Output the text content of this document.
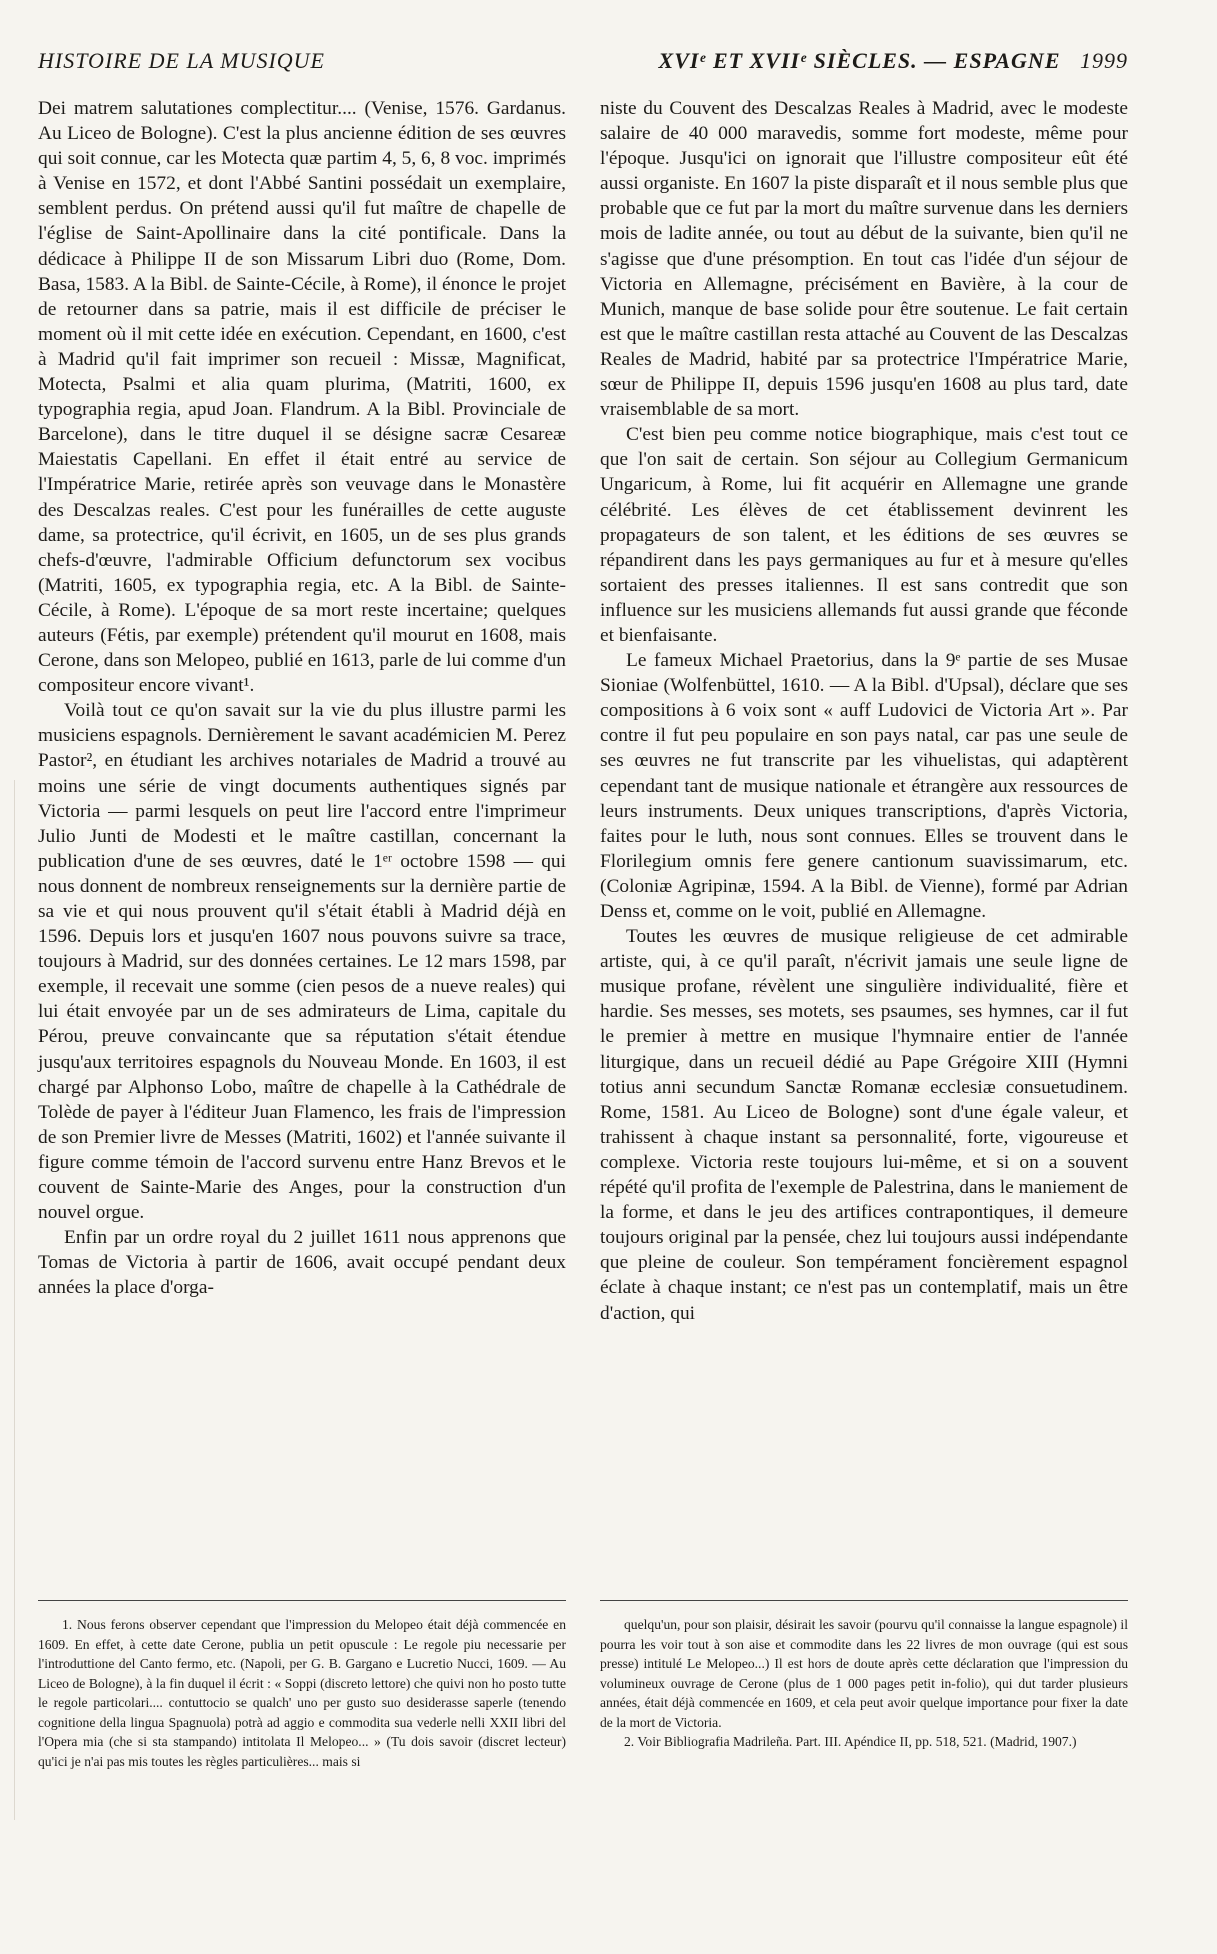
HISTOIRE DE LA MUSIQUE	XVIᵉ ET XVIIᵉ SIÈCLES. — ESPAGNE 1999

Dei matrem salutationes complectitur.... (Venise, 1576. Gardanus. Au Liceo de Bologne). C'est la plus ancienne édition de ses œuvres qui soit connue, car les Motecta quæ partim 4, 5, 6, 8 voc. imprimés à Venise en 1572, et dont l'Abbé Santini possédait un exemplaire, semblent perdus. On prétend aussi qu'il fut maître de chapelle de l'église de Saint-Apollinaire dans la cité pontificale. Dans la dédicace à Philippe II de son Missarum Libri duo (Rome, Dom. Basa, 1583. A la Bibl. de Sainte-Cécile, à Rome), il énonce le projet de retourner dans sa patrie, mais il est difficile de préciser le moment où il mit cette idée en exécution. Cependant, en 1600, c'est à Madrid qu'il fait imprimer son recueil : Missæ, Magnificat, Motecta, Psalmi et alia quam plurima, (Matriti, 1600, ex typographia regia, apud Joan. Flandrum. A la Bibl. Provinciale de Barcelone), dans le titre duquel il se désigne sacræ Cesareæ Maiestatis Capellani. En effet il était entré au service de l'Impératrice Marie, retirée après son veuvage dans le Monastère des Descalzas reales. C'est pour les funérailles de cette auguste dame, sa protectrice, qu'il écrivit, en 1605, un de ses plus grands chefs-d'œuvre, l'admirable Officium defunctorum sex vocibus (Matriti, 1605, ex typographia regia, etc. A la Bibl. de Sainte-Cécile, à Rome). L'époque de sa mort reste incertaine; quelques auteurs (Fétis, par exemple) prétendent qu'il mourut en 1608, mais Cerone, dans son Melopeo, publié en 1613, parle de lui comme d'un compositeur encore vivant¹.

Voilà tout ce qu'on savait sur la vie du plus illustre parmi les musiciens espagnols. Dernièrement le savant académicien M. Perez Pastor², en étudiant les archives notariales de Madrid a trouvé au moins une série de vingt documents authentiques signés par Victoria — parmi lesquels on peut lire l'accord entre l'imprimeur Julio Junti de Modesti et le maître castillan, concernant la publication d'une de ses œuvres, daté le 1ᵉʳ octobre 1598 — qui nous donnent de nombreux renseignements sur la dernière partie de sa vie et qui nous prouvent qu'il s'était établi à Madrid déjà en 1596. Depuis lors et jusqu'en 1607 nous pouvons suivre sa trace, toujours à Madrid, sur des données certaines. Le 12 mars 1598, par exemple, il recevait une somme (cien pesos de a nueve reales) qui lui était envoyée par un de ses admirateurs de Lima, capitale du Pérou, preuve convaincante que sa réputation s'était étendue jusqu'aux territoires espagnols du Nouveau Monde. En 1603, il est chargé par Alphonso Lobo, maître de chapelle à la Cathédrale de Tolède de payer à l'éditeur Juan Flamenco, les frais de l'impression de son Premier livre de Messes (Matriti, 1602) et l'année suivante il figure comme témoin de l'accord survenu entre Hanz Brevos et le couvent de Sainte-Marie des Anges, pour la construction d'un nouvel orgue.

Enfin par un ordre royal du 2 juillet 1611 nous apprenons que Tomas de Victoria à partir de 1606, avait occupé pendant deux années la place d'orga-

niste du Couvent des Descalzas Reales à Madrid, avec le modeste salaire de 40 000 maravedis, somme fort modeste, même pour l'époque. Jusqu'ici on ignorait que l'illustre compositeur eût été aussi organiste. En 1607 la piste disparaît et il nous semble plus que probable que ce fut par la mort du maître survenue dans les derniers mois de ladite année, ou tout au début de la suivante, bien qu'il ne s'agisse que d'une présomption. En tout cas l'idée d'un séjour de Victoria en Allemagne, précisément en Bavière, à la cour de Munich, manque de base solide pour être soutenue. Le fait certain est que le maître castillan resta attaché au Couvent de las Descalzas Reales de Madrid, habité par sa protectrice l'Impératrice Marie, sœur de Philippe II, depuis 1596 jusqu'en 1608 au plus tard, date vraisemblable de sa mort.

C'est bien peu comme notice biographique, mais c'est tout ce que l'on sait de certain. Son séjour au Collegium Germanicum Ungaricum, à Rome, lui fit acquérir en Allemagne une grande célébrité. Les élèves de cet établissement devinrent les propagateurs de son talent, et les éditions de ses œuvres se répandirent dans les pays germaniques au fur et à mesure qu'elles sortaient des presses italiennes. Il est sans contredit que son influence sur les musiciens allemands fut aussi grande que féconde et bienfaisante.

Le fameux Michael Praetorius, dans la 9ᵉ partie de ses Musae Sioniae (Wolfenbüttel, 1610. — A la Bibl. d'Upsal), déclare que ses compositions à 6 voix sont « auff Ludovici de Victoria Art ». Par contre il fut peu populaire en son pays natal, car pas une seule de ses œuvres ne fut transcrite par les vihuelistas, qui adaptèrent cependant tant de musique nationale et étrangère aux ressources de leurs instruments. Deux uniques transcriptions, d'après Victoria, faites pour le luth, nous sont connues. Elles se trouvent dans le Florilegium omnis fere genere cantionum suavissimarum, etc. (Coloniæ Agripinæ, 1594. A la Bibl. de Vienne), formé par Adrian Denss et, comme on le voit, publié en Allemagne.

Toutes les œuvres de musique religieuse de cet admirable artiste, qui, à ce qu'il paraît, n'écrivit jamais une seule ligne de musique profane, révèlent une singulière individualité, fière et hardie. Ses messes, ses motets, ses psaumes, ses hymnes, car il fut le premier à mettre en musique l'hymnaire entier de l'année liturgique, dans un recueil dédié au Pape Grégoire XIII (Hymni totius anni secundum Sanctæ Romanæ ecclesiæ consuetudinem. Rome, 1581. Au Liceo de Bologne) sont d'une égale valeur, et trahissent à chaque instant sa personnalité, forte, vigoureuse et complexe. Victoria reste toujours lui-même, et si on a souvent répété qu'il profita de l'exemple de Palestrina, dans le maniement de la forme, et dans le jeu des artifices contrapontiques, il demeure toujours original par la pensée, chez lui toujours aussi indépendante que pleine de couleur. Son tempérament foncièrement espagnol éclate à chaque instant; ce n'est pas un contemplatif, mais un être d'action, qui

1. Nous ferons observer cependant que l'impression du Melopeo était déjà commencée en 1609. En effet, à cette date Cerone, publia un petit opuscule : Le regole piu necessarie per l'introduttione del Canto fermo, etc. (Napoli, per G. B. Gargano e Lucretio Nucci, 1609. — Au Liceo de Bologne), à la fin duquel il écrit : « Soppi (discreto lettore) che quivi non ho posto tutte le regole particolari.... contuttocio se qualch' uno per gusto suo desiderasse saperle (tenendo cognitione della lingua Spagnuola) potrà ad aggio e commodita sua vederle nelli XXII libri del l'Opera mia (che si sta stampando) intitolata Il Melopeo... » (Tu dois savoir (discret lecteur) qu'ici je n'ai pas mis toutes les règles particulières... mais si

quelqu'un, pour son plaisir, désirait les savoir (pourvu qu'il connaisse la langue espagnole) il pourra les voir tout à son aise et commodite dans les 22 livres de mon ouvrage (qui est sous presse) intitulé Le Melopeo...) Il est hors de doute après cette déclaration que l'impression du volumineux ouvrage de Cerone (plus de 1 000 pages petit in-folio), qui dut tarder plusieurs années, était déjà commencée en 1609, et cela peut avoir quelque importance pour fixer la date de la mort de Victoria.

2. Voir Bibliografia Madrileña. Part. III. Apéndice II, pp. 518, 521. (Madrid, 1907.)
